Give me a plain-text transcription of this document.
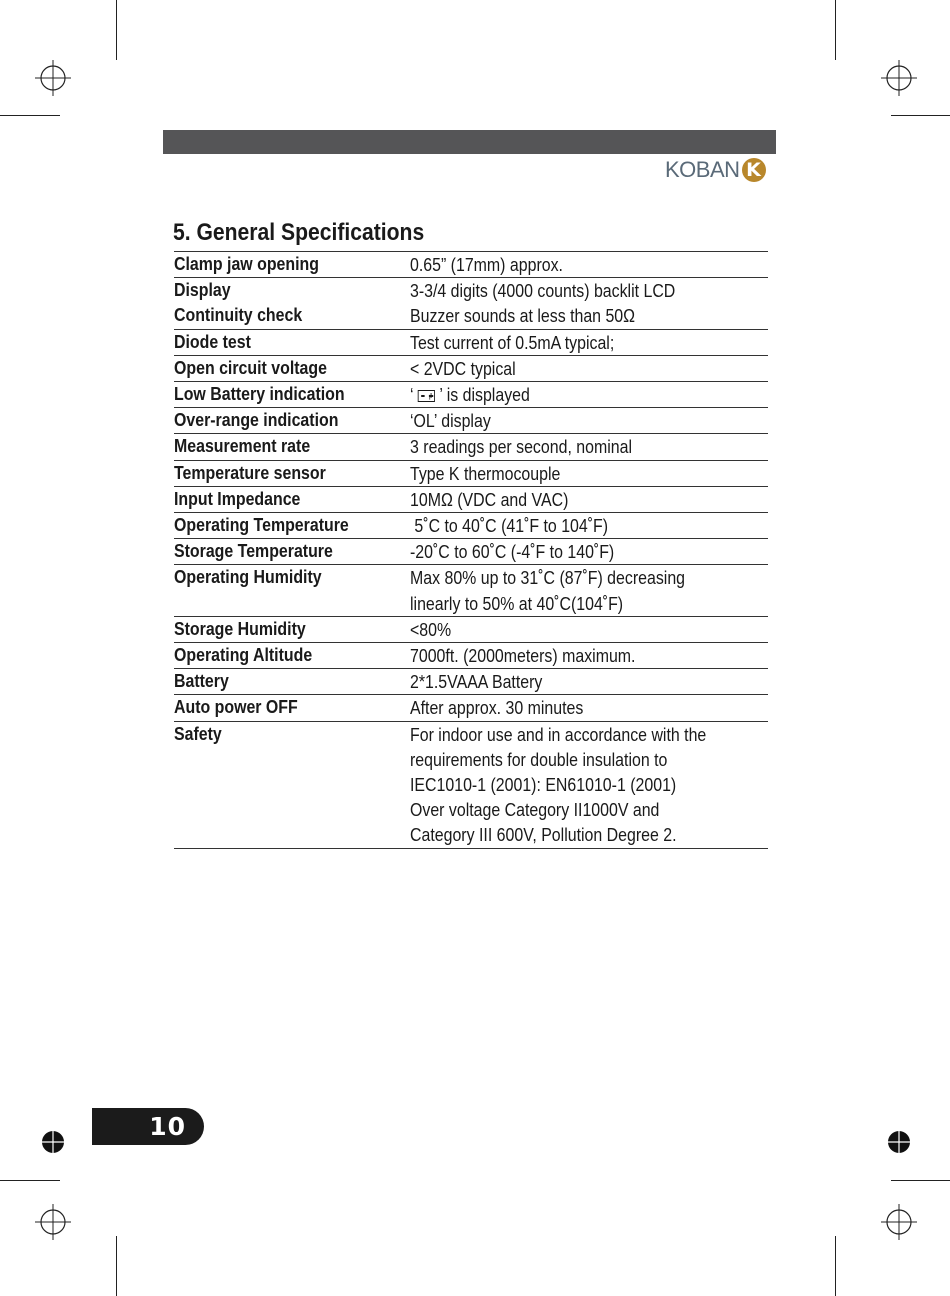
KOBAN K
5. General Specifications
Clamp jaw opening	0.65” (17mm) approx.
Display	3-3/4 digits (4000 counts) backlit LCD
Continuity check	Buzzer sounds at less than 50Ω
Diode test	Test current of 0.5mA typical;
Open circuit voltage	< 2VDC typical
Low Battery indication	‘ ’ is displayed
Over-range indication	‘OL’ display
Measurement rate	3 readings per second, nominal
Temperature sensor	Type K thermocouple
Input Impedance	10MΩ (VDC and VAC)
Operating Temperature	5˚C to 40˚C (41˚F to 104˚F)
Storage Temperature	-20˚C to 60˚C (-4˚F to 140˚F)
Operating Humidity	Max 80% up to 31˚C (87˚F) decreasing
linearly to 50% at 40˚C(104˚F)
Storage Humidity	<80%
Operating Altitude	7000ft. (2000meters) maximum.
Battery	2*1.5VAAA Battery
Auto power OFF	After approx. 30 minutes
Safety	For indoor use and in accordance with the
requirements for double insulation to
IEC1010-1 (2001): EN61010-1 (2001)
Over voltage Category II1000V and
Category III 600V, Pollution Degree 2.
10
